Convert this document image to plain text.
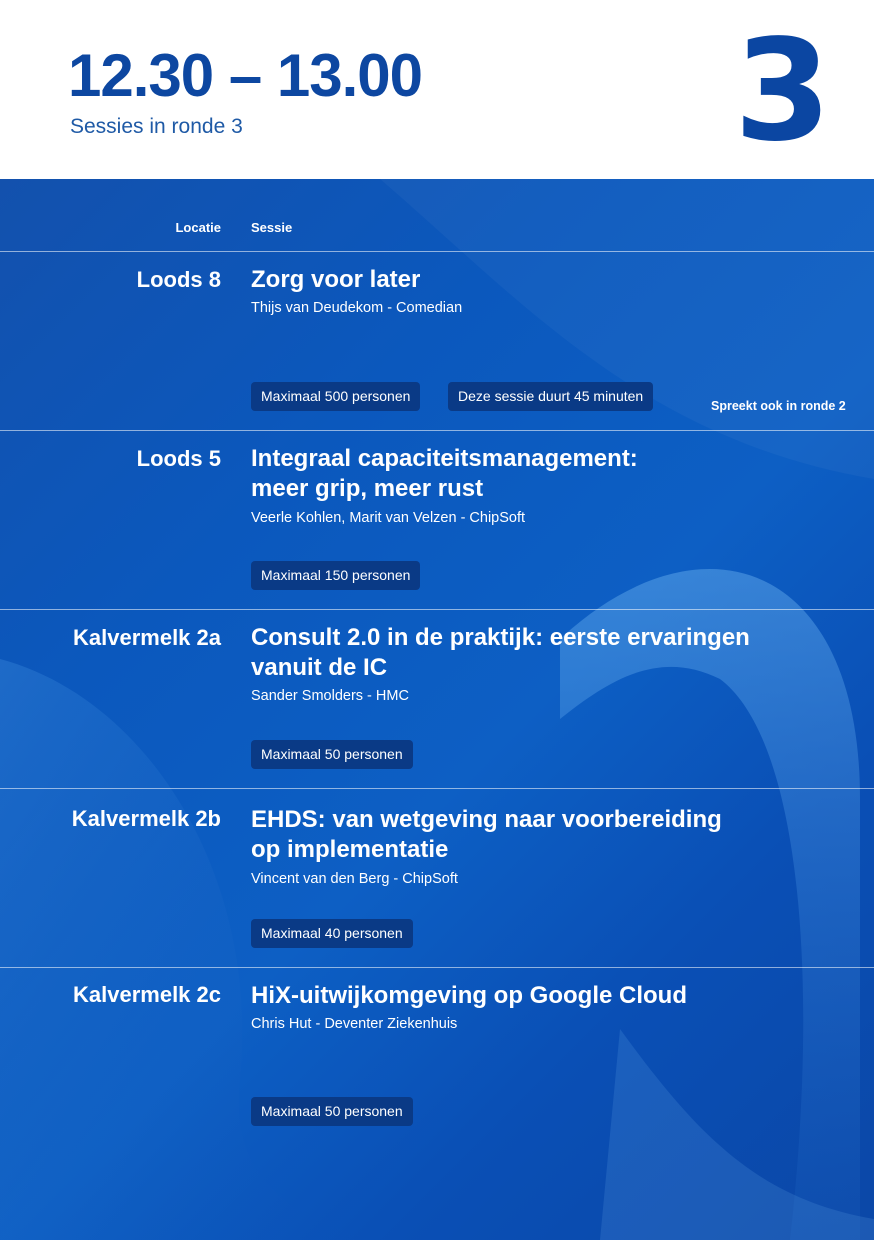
12.30 – 13.00
Sessies in ronde 3	3
Locatie Sessie
Loods 8 Zorg voor later
Thijs van Deudekom - Comedian
Maximaal 500 personen	Deze sessie duurt 45 minuten
Spreekt ook in ronde 2
Loods 5 Integraal capaciteitsmanagement:
meer grip, meer rust
Veerle Kohlen, Marit van Velzen - ChipSoft
Maximaal 150 personen
Kalvermelk 2a Consult 2.0 in de praktijk: eerste ervaringen
vanuit de IC
Sander Smolders - HMC
Maximaal 50 personen
Kalvermelk 2b EHDS: van wetgeving naar voorbereiding
op implementatie
Vincent van den Berg - ChipSoft
Maximaal 40 personen
Kalvermelk 2c HiX-uitwijkomgeving op Google Cloud
Chris Hut - Deventer Ziekenhuis
Maximaal 50 personen
